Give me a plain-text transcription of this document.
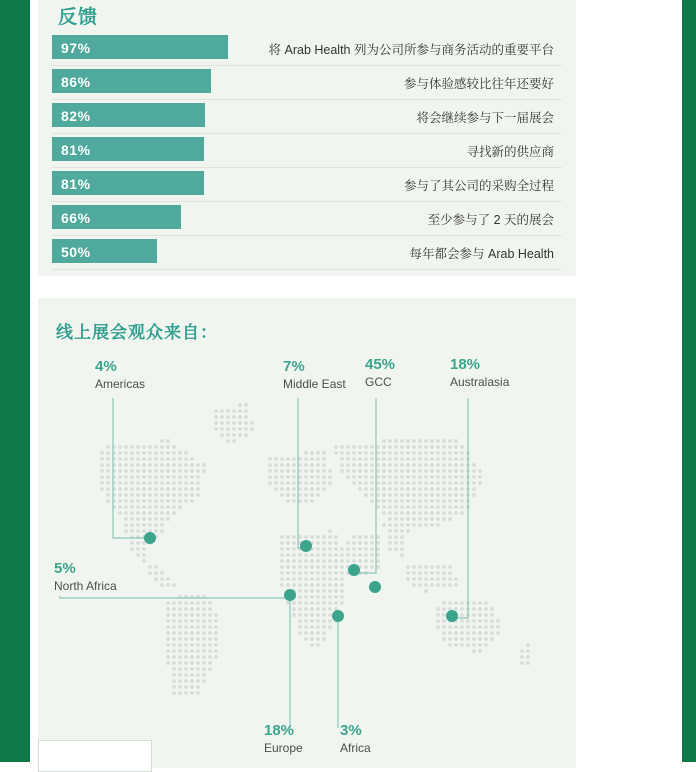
反馈
97%	将 Arab Health 列为公司所参与商务活动的重要平台
86%	参与体验感较比往年还要好
82%	将会继续参与下一届展会
81%	寻找新的供应商
81%	参与了其公司的采购全过程
66%	至少参与了 2 天的展会
50%	每年都会参与 Arab Health
线上展会观众来自：
4%
Americas
7%
Middle East
45%
GCC
18%
Australasia
5%
North Africa
18%
Europe
3%
Africa
